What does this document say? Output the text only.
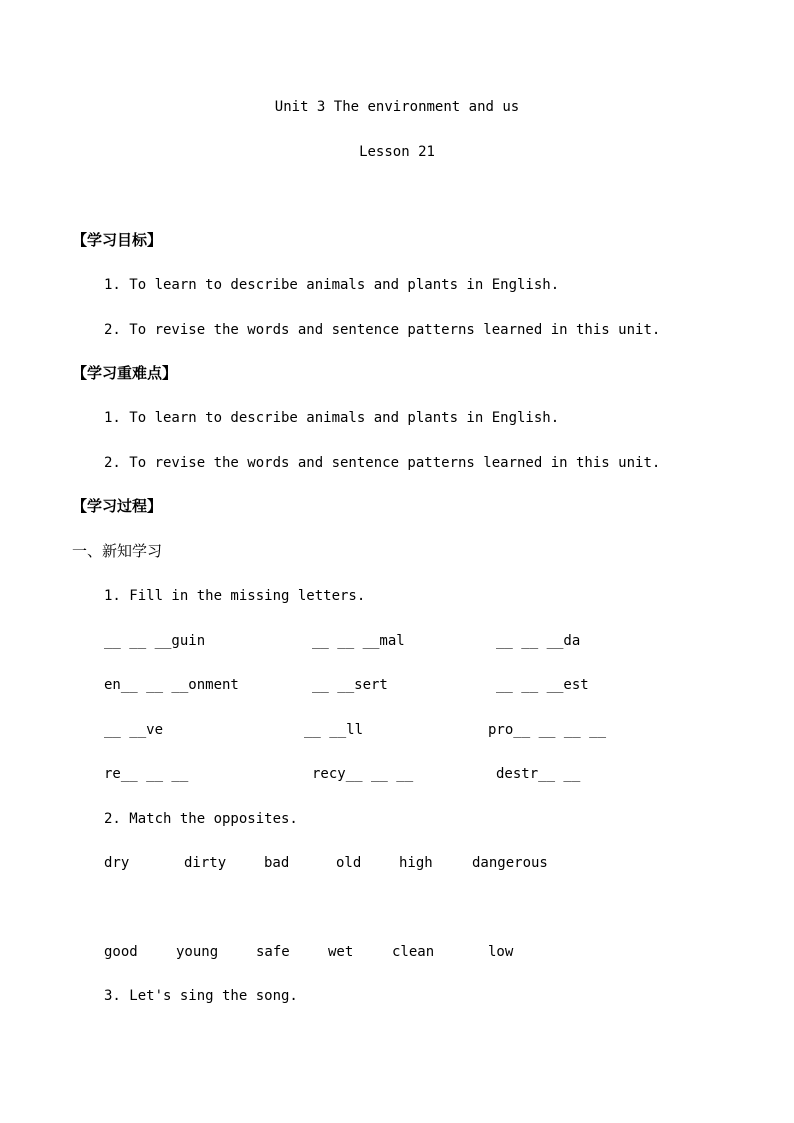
Unit 3 The environment and us
Lesson 21
【学习目标】
1. To learn to describe animals and plants in English.
2. To revise the words and sentence patterns learned in this unit.
【学习重难点】
1. To learn to describe animals and plants in English.
2. To revise the words and sentence patterns learned in this unit.
【学习过程】
一、新知学习
1. Fill in the missing letters.
__ __ __guin	__ __ __mal	__ __ __da
en__ __ __onment	__ __sert	__ __ __est
__ __ve	__ __ll	pro__ __ __ __
re__ __ __	recy__ __ __	destr__ __
2. Match the opposites.
dry	dirty	bad	old	high	dangerous
good	young	safe	wet	clean	low
3. Let's sing the song.
